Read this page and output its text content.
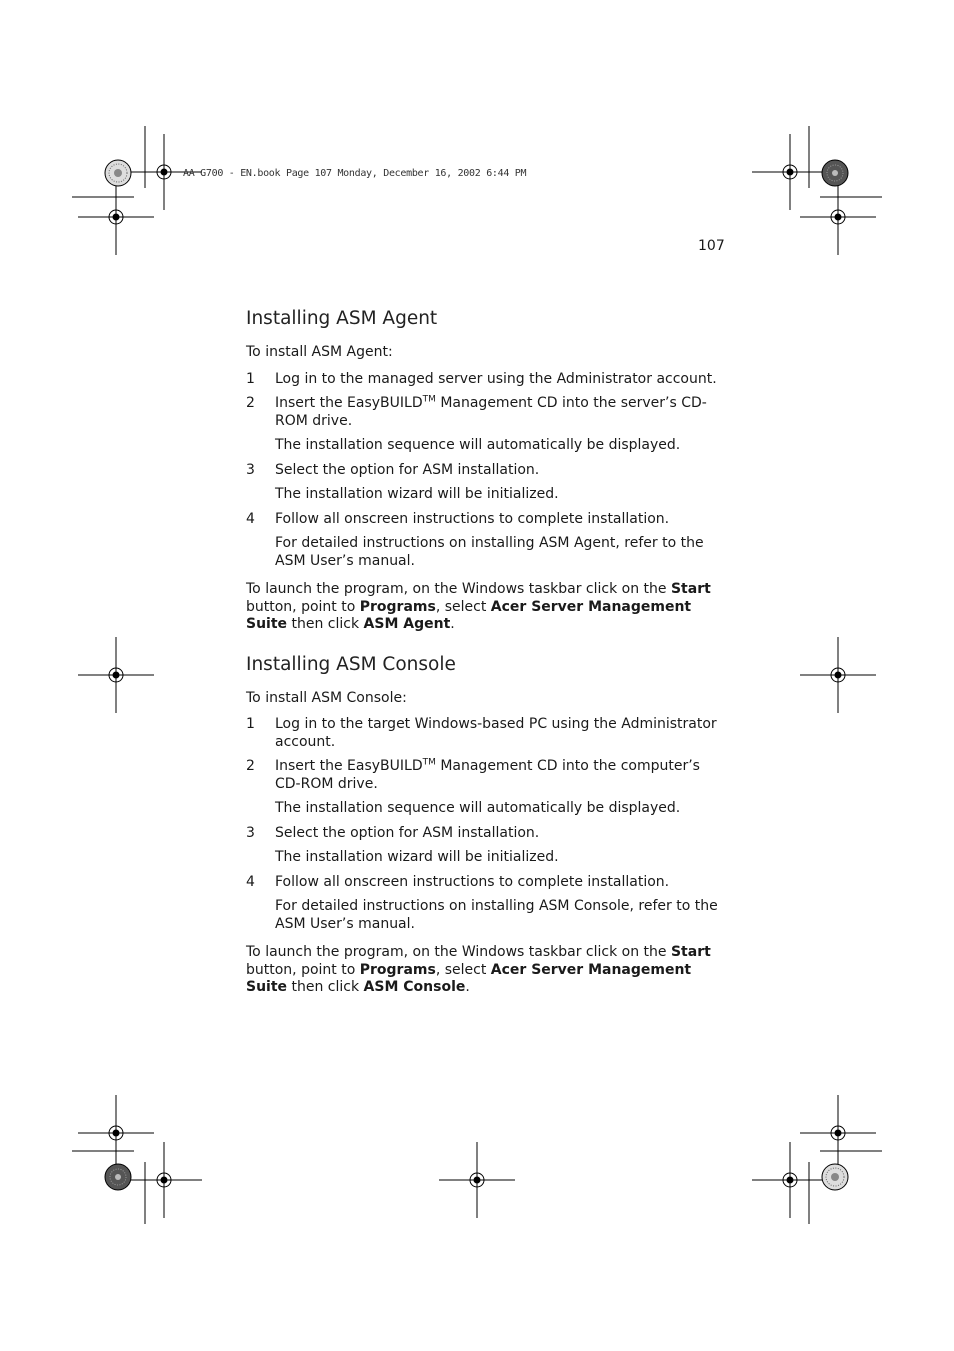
AA G700 - EN.book Page 107 Monday, December 16, 2002 6:44 PM
107
Installing ASM Agent

To install ASM Agent:

1	Log in to the managed server using the Administrator account.
2	Insert the EasyBUILD™ Management CD into the server’s CD-ROM drive.

The installation sequence will automatically be displayed.

3	Select the option for ASM installation.

The installation wizard will be initialized.

4	Follow all onscreen instructions to complete installation.

For detailed instructions on installing ASM Agent, refer to the ASM User’s manual.

To launch the program, on the Windows taskbar click on the Start button, point to Programs, select Acer Server Management Suite then click ASM Agent.

Installing ASM Console

To install ASM Console:

1	Log in to the target Windows-based PC using the Administrator account.
2	Insert the EasyBUILD™ Management CD into the computer’s CD-ROM drive.

The installation sequence will automatically be displayed.

3	Select the option for ASM installation.

The installation wizard will be initialized.

4	Follow all onscreen instructions to complete installation.

For detailed instructions on installing ASM Console, refer to the ASM User’s manual.

To launch the program, on the Windows taskbar click on the Start button, point to Programs, select Acer Server Management Suite then click ASM Console.
